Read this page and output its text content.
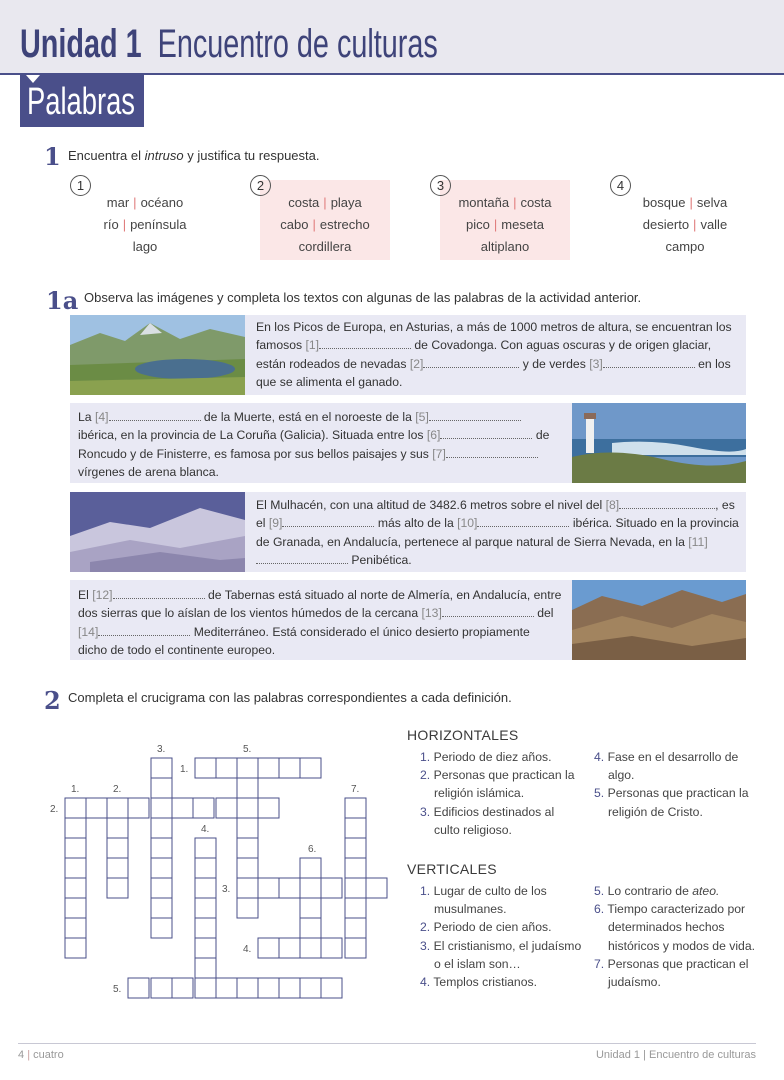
Unidad 1 Encuentro de culturas
Palabras
1 Encuentra el intruso y justifica tu respuesta.
1
mar | océano
río | península
lago
2
costa | playa
cabo | estrecho
cordillera
3
montaña | costa
pico | meseta
altiplano
4
bosque | selva
desierto | valle
campo
1a Observa las imágenes y completa los textos con algunas de las palabras de la actividad anterior.
En los Picos de Europa, en Asturias, a más de 1000 metros de altura, se encuentran los famosos [1]	de Covadonga. Con aguas oscuras y de origen glaciar, están rodeados de nevadas [2]	y de verdes [3]	en los que se alimenta el ganado.
La [4]	de la Muerte, está en el noroeste de la [5] ibérica, en la provincia de La Coruña (Galicia). Situada entre los [6]	de Roncudo y de Finisterre, es famosa por sus bellos paisajes y sus [7] vírgenes de arena blanca.
El Mulhacén, con una altitud de 3482.6 metros sobre el nivel del [8]	, es el [9]	más alto de la [10]	ibérica. Situado en la provincia de Granada, en Andalucía, pertenece al parque natural de Sierra Nevada, en la [11] Penibética.
El [12]	de Tabernas está situado al norte de Almería, en Andalucía, entre dos sierras que lo aíslan de los vientos húmedos de la cercana [13]	del [14]	Mediterráneo. Está considerado el único desierto propiamente dicho de todo el continente europeo.
2 Completa el crucigrama con las palabras correspondientes a cada definición.
3.	5.
1.
1.	2.	7.
2.
4.
6.
3.
4.
5.
HORIZONTALES
1. Periodo de diez años.
2. Personas que practican la religión islámica.
3. Edificios destinados al culto religioso.
4. Fase en el desarrollo de algo.
5. Personas que practican la religión de Cristo.
VERTICALES
1. Lugar de culto de los musulmanes.
2. Periodo de cien años.
3. El cristianismo, el judaísmo o el islam son…
4. Templos cristianos.
5. Lo contrario de ateo.
6. Tiempo caracterizado por determinados hechos históricos y modos de vida.
7. Personas que practican el judaísmo.
4 | cuatro	Unidad 1 | Encuentro de culturas
